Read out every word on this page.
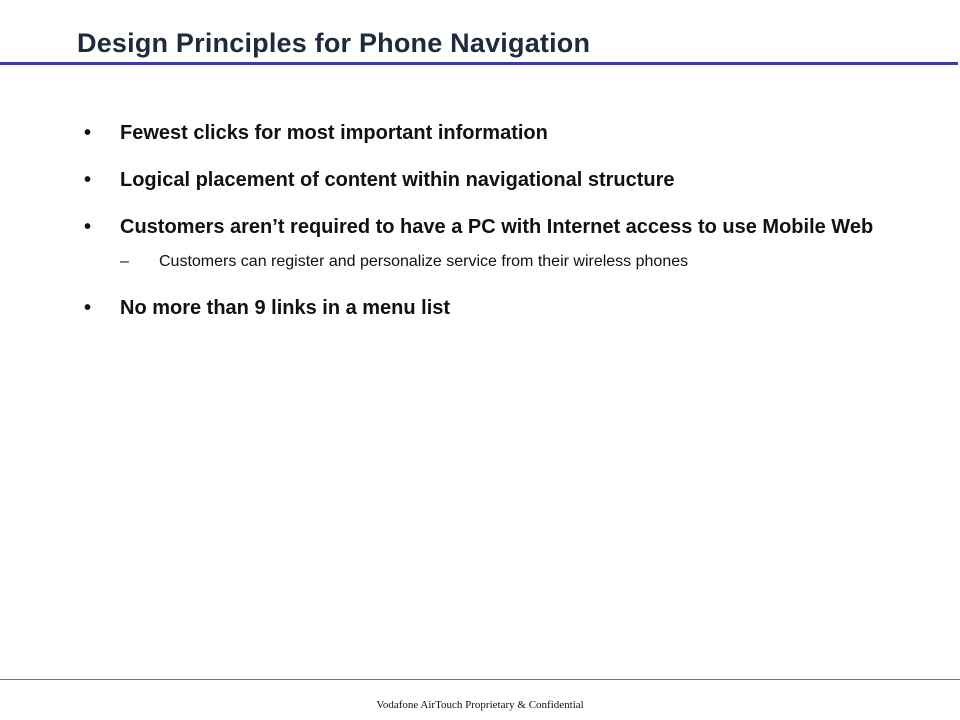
Design Principles for Phone Navigation
• Fewest clicks for most important information
• Logical placement of content within navigational structure
• Customers aren’t required to have a PC with Internet access to use Mobile Web
– Customers can register and personalize service from their wireless phones
• No more than 9 links in a menu list
Vodafone AirTouch Proprietary & Confidential
